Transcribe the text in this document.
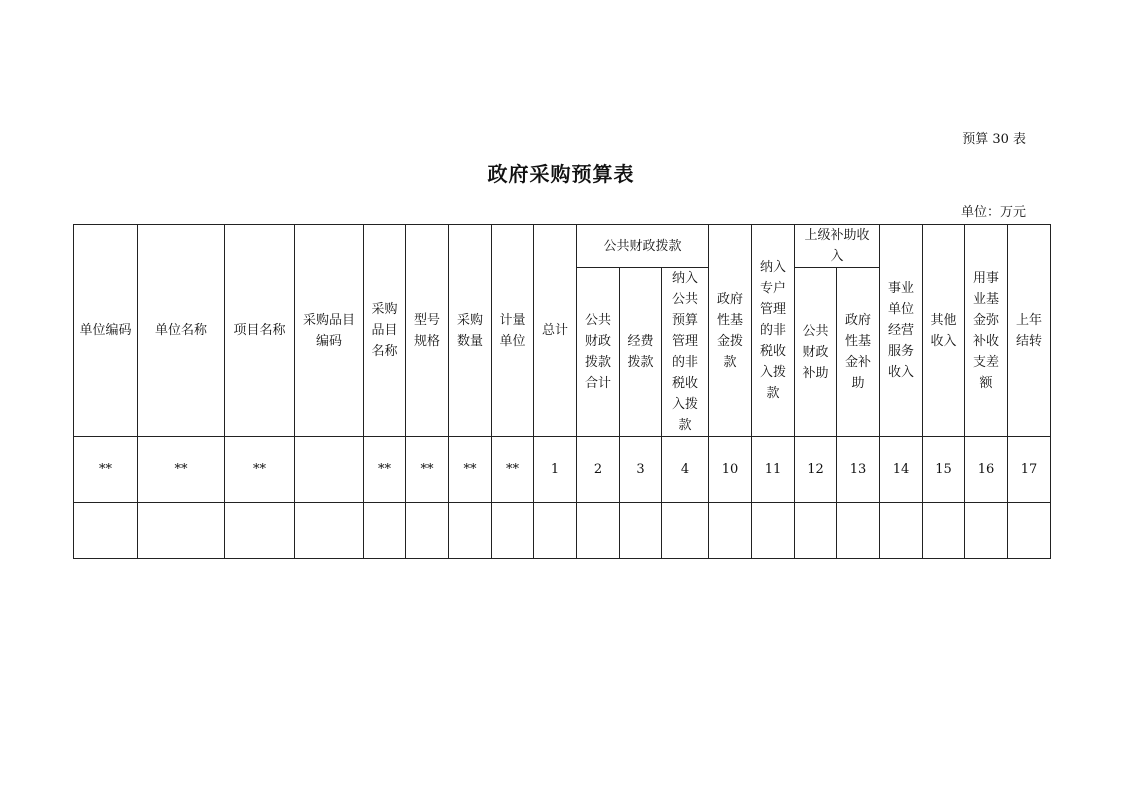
预算 30 表
政府采购预算表
单位：万元
单位编码	单位名称	项目名称	采购品目编码	采购品目名称	型号规格	采购数量	计量单位	总计	公共财政拨款			政府性基金拨款	纳入专户管理的非税收入拨款	上级补助收入		事业单位经营服务收入	其他收入	用事业基金弥补收支差额	上年结转
									公共财政拨款合计	经费拨款	纳入公共预算管理的非税收入拨款			公共财政补助	政府性基金补助				
**	**	**		**	**	**	**	1	2	3	4	10	11	12	13	14	15	16	17
